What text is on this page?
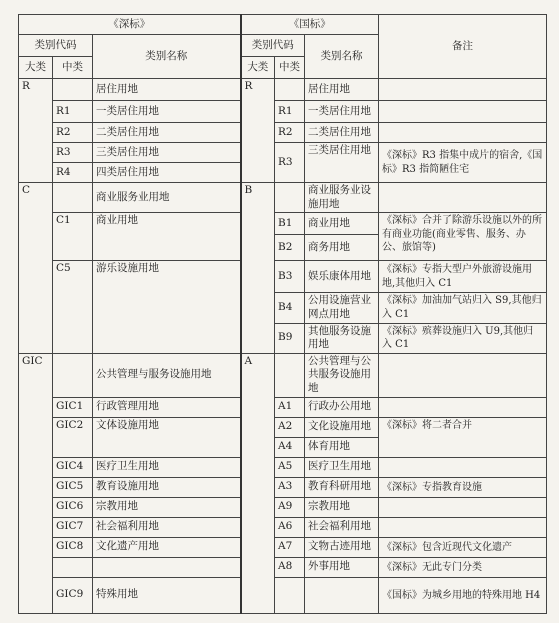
《深标》			《国标》			备注
类别代码		类别名称	类别代码		类别名称	
大类	中类		大类	中类		
R		居住用地	R		居住用地	
	R1	一类居住用地		R1	一类居住用地	
	R2	二类居住用地		R2	二类居住用地	
	R3	三类居住用地		R3	三类居住用地	《深标》R3 指集中成片的宿舍,《国标》R3 指简陋住宅
	R4	四类居住用地				
C		商业服务业用地	B		商业服务业设施用地	
	C1	商业用地		B1	商业用地	《深标》合并了除游乐设施以外的所有商业功能(商业零售、服务、办公、旅馆等)
				B2	商务用地	
	C5	游乐设施用地		B3	娱乐康体用地	《深标》专指大型户外旅游设施用地,其他归入 C1
				B4	公用设施营业网点用地	《深标》加油加气站归入 S9,其他归入 C1
				B9	其他服务设施用地	《深标》殡葬设施归入 U9,其他归入 C1
GIC		公共管理与服务设施用地	A		公共管理与公共服务设施用地	
	GIC1	行政管理用地		A1	行政办公用地	
	GIC2	文体设施用地		A2	文化设施用地	《深标》将二者合并
				A4	体育用地	
	GIC4	医疗卫生用地		A5	医疗卫生用地	
	GIC5	教育设施用地		A3	教育科研用地	《深标》专指教育设施
	GIC6	宗教用地		A9	宗教用地	
	GIC7	社会福利用地		A6	社会福利用地	
	GIC8	文化遗产用地		A7	文物古迹用地	《深标》包含近现代文化遗产
				A8	外事用地	《深标》无此专门分类
	GIC9	特殊用地				《国标》为城乡用地的特殊用地 H4
